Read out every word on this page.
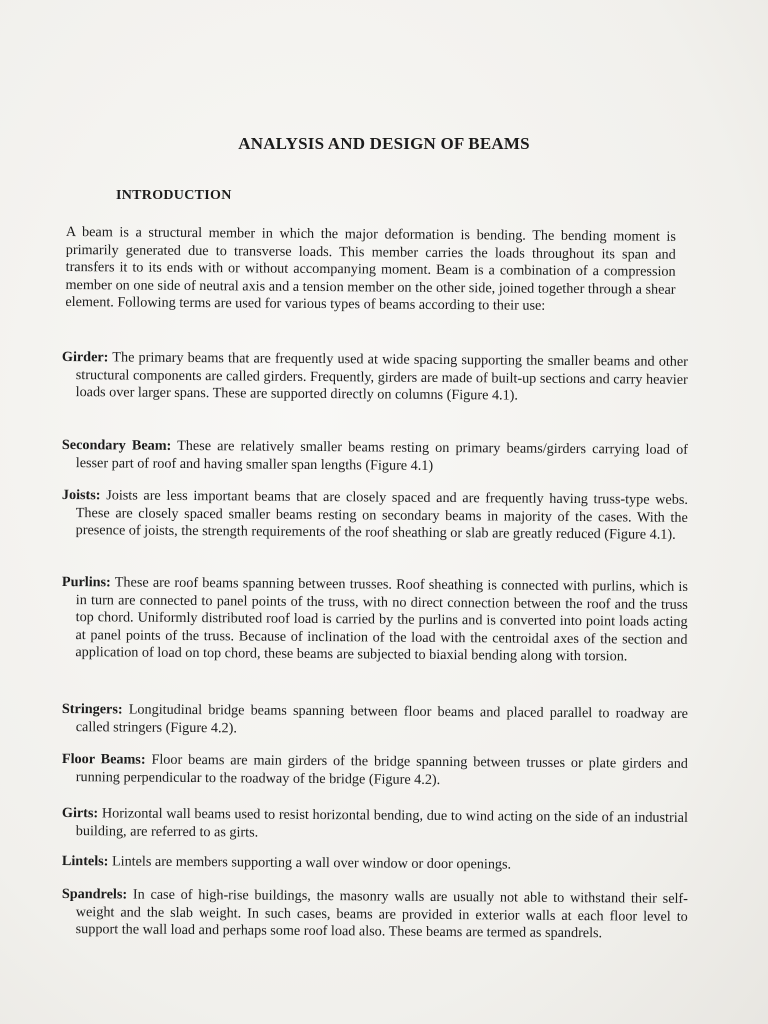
ANALYSIS AND DESIGN OF BEAMS
INTRODUCTION

A beam is a structural member in which the major deformation is bending. The bending moment is primarily generated due to transverse loads. This member carries the loads throughout its span and transfers it to its ends with or without accompanying moment. Beam is a combination of a compression member on one side of neutral axis and a tension member on the other side, joined together through a shear element. Following terms are used for various types of beams according to their use:

Girder: The primary beams that are frequently used at wide spacing supporting the smaller beams and other structural components are called girders. Frequently, girders are made of built-up sections and carry heavier loads over larger spans. These are supported directly on columns (Figure 4.1).

Secondary Beam: These are relatively smaller beams resting on primary beams/girders carrying load of lesser part of roof and having smaller span lengths (Figure 4.1)

Joists: Joists are less important beams that are closely spaced and are frequently having truss-type webs. These are closely spaced smaller beams resting on secondary beams in majority of the cases. With the presence of joists, the strength requirements of the roof sheathing or slab are greatly reduced (Figure 4.1).

Purlins: These are roof beams spanning between trusses. Roof sheathing is connected with purlins, which is in turn are connected to panel points of the truss, with no direct connection between the roof and the truss top chord. Uniformly distributed roof load is carried by the purlins and is converted into point loads acting at panel points of the truss. Because of inclination of the load with the centroidal axes of the section and application of load on top chord, these beams are subjected to biaxial bending along with torsion.

Stringers: Longitudinal bridge beams spanning between floor beams and placed parallel to roadway are called stringers (Figure 4.2).

Floor Beams: Floor beams are main girders of the bridge spanning between trusses or plate girders and running perpendicular to the roadway of the bridge (Figure 4.2).

Girts: Horizontal wall beams used to resist horizontal bending, due to wind acting on the side of an industrial building, are referred to as girts.

Lintels: Lintels are members supporting a wall over window or door openings.

Spandrels: In case of high-rise buildings, the masonry walls are usually not able to withstand their self-weight and the slab weight. In such cases, beams are provided in exterior walls at each floor level to support the wall load and perhaps some roof load also. These beams are termed as spandrels.
